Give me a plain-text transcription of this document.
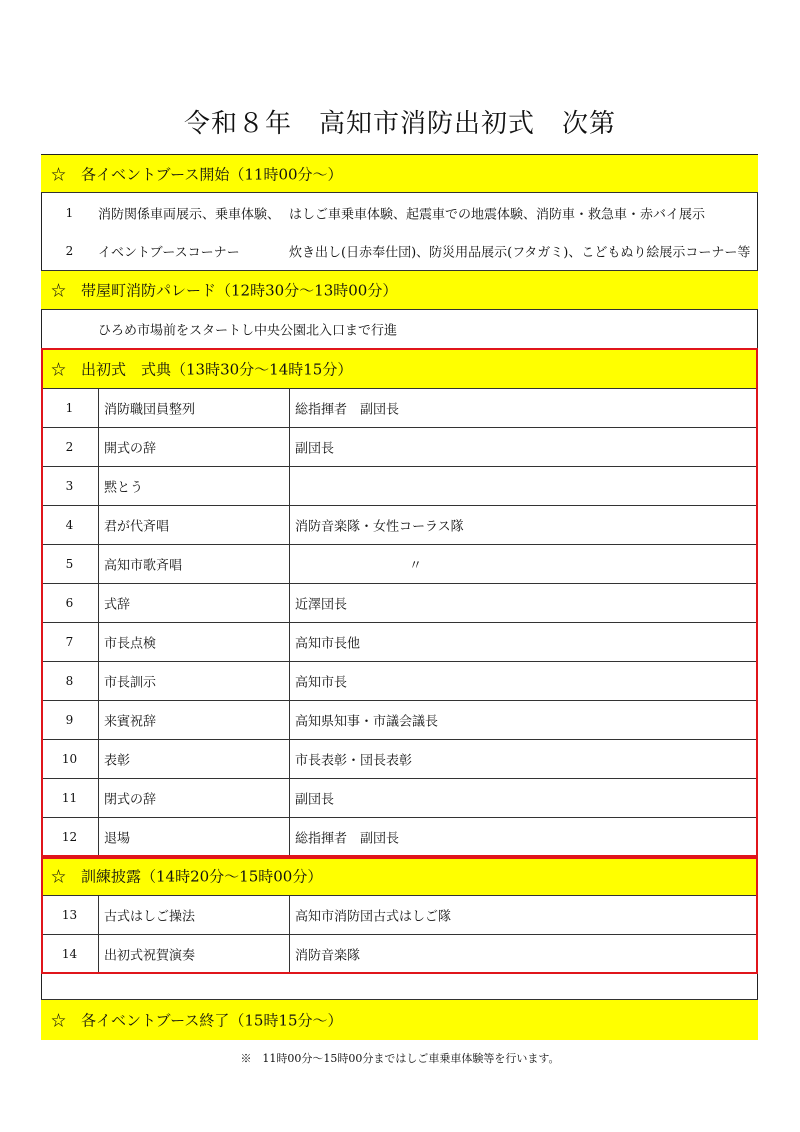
令和８年　高知市消防出初式　次第
☆　各イベントブース開始（11時00分～）
1	消防関係車両展示、乗車体験、 はしご車乗車体験、起震車での地震体験、消防車・救急車・赤バイ展示
2	イベントブースコーナー	炊き出し(日赤奉仕団)、防災用品展示(フタガミ)、こどもぬり絵展示コーナー等
☆　帯屋町消防パレード（12時30分～13時00分）
ひろめ市場前をスタートし中央公園北入口まで行進
☆　出初式　式典（13時30分～14時15分）
1	消防職団員整列	総指揮者　副団長
2	開式の辞	副団長
3	黙とう
4	君が代斉唱	消防音楽隊・女性コーラス隊
5	高知市歌斉唱	〃
6	式辞	近澤団長
7	市長点検	高知市長他
8	市長訓示	高知市長
9	来賓祝辞	高知県知事・市議会議長
10	表彰	市長表彰・団長表彰
11	閉式の辞	副団長
12	退場	総指揮者　副団長
☆　訓練披露（14時20分～15時00分）
13	古式はしご操法	高知市消防団古式はしご隊
14	出初式祝賀演奏	消防音楽隊
☆　各イベントブース終了（15時15分～）
※　11時00分～15時00分まではしご車乗車体験等を行います。
